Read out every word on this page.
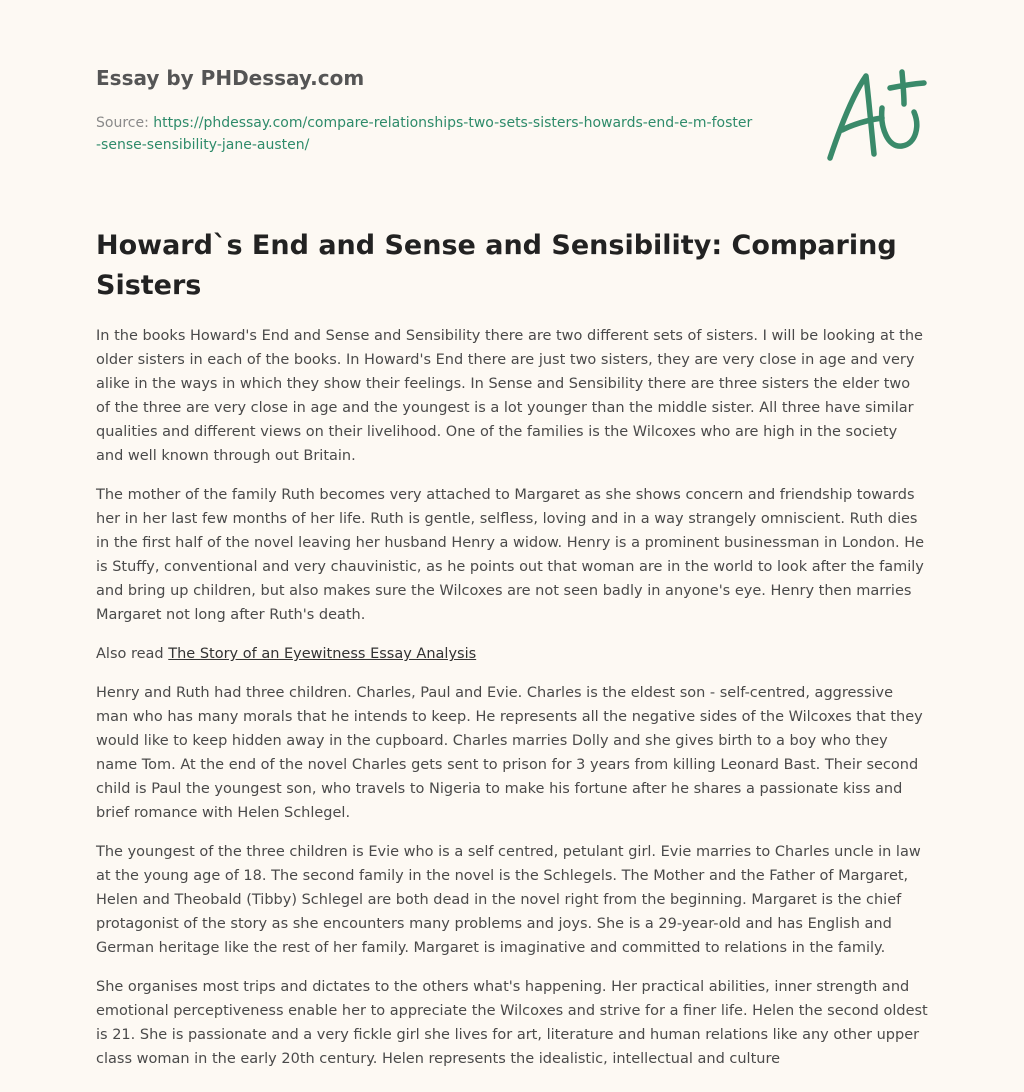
Essay by PHDessay.com
Source: https://phdessay.com/compare-relationships-two-sets-sisters-howards-end-e-m-foster-sense-sensibility-jane-austen/
Howard`s End and Sense and Sensibility: Comparing Sisters

In the books Howard's End and Sense and Sensibility there are two different sets of sisters. I will be looking at the older sisters in each of the books. In Howard's End there are just two sisters, they are very close in age and very alike in the ways in which they show their feelings. In Sense and Sensibility there are three sisters the elder two of the three are very close in age and the youngest is a lot younger than the middle sister. All three have similar qualities and different views on their livelihood. One of the families is the Wilcoxes who are high in the society and well known through out Britain.

The mother of the family Ruth becomes very attached to Margaret as she shows concern and friendship towards her in her last few months of her life. Ruth is gentle, selfless, loving and in a way strangely omniscient. Ruth dies in the first half of the novel leaving her husband Henry a widow. Henry is a prominent businessman in London. He is Stuffy, conventional and very chauvinistic, as he points out that woman are in the world to look after the family and bring up children, but also makes sure the Wilcoxes are not seen badly in anyone's eye. Henry then marries Margaret not long after Ruth's death.

Also read The Story of an Eyewitness Essay Analysis

Henry and Ruth had three children. Charles, Paul and Evie. Charles is the eldest son - self-centred, aggressive man who has many morals that he intends to keep. He represents all the negative sides of the Wilcoxes that they would like to keep hidden away in the cupboard. Charles marries Dolly and she gives birth to a boy who they name Tom. At the end of the novel Charles gets sent to prison for 3 years from killing Leonard Bast. Their second child is Paul the youngest son, who travels to Nigeria to make his fortune after he shares a passionate kiss and brief romance with Helen Schlegel.

The youngest of the three children is Evie who is a self centred, petulant girl. Evie marries to Charles uncle in law at the young age of 18. The second family in the novel is the Schlegels. The Mother and the Father of Margaret, Helen and Theobald (Tibby) Schlegel are both dead in the novel right from the beginning. Margaret is the chief protagonist of the story as she encounters many problems and joys. She is a 29-year-old and has English and German heritage like the rest of her family. Margaret is imaginative and committed to relations in the family.

She organises most trips and dictates to the others what's happening. Her practical abilities, inner strength and emotional perceptiveness enable her to appreciate the Wilcoxes and strive for a finer life. Helen the second oldest is 21. She is passionate and a very fickle girl she lives for art, literature and human relations like any other upper class woman in the early 20th century. Helen represents the idealistic, intellectual and culture
